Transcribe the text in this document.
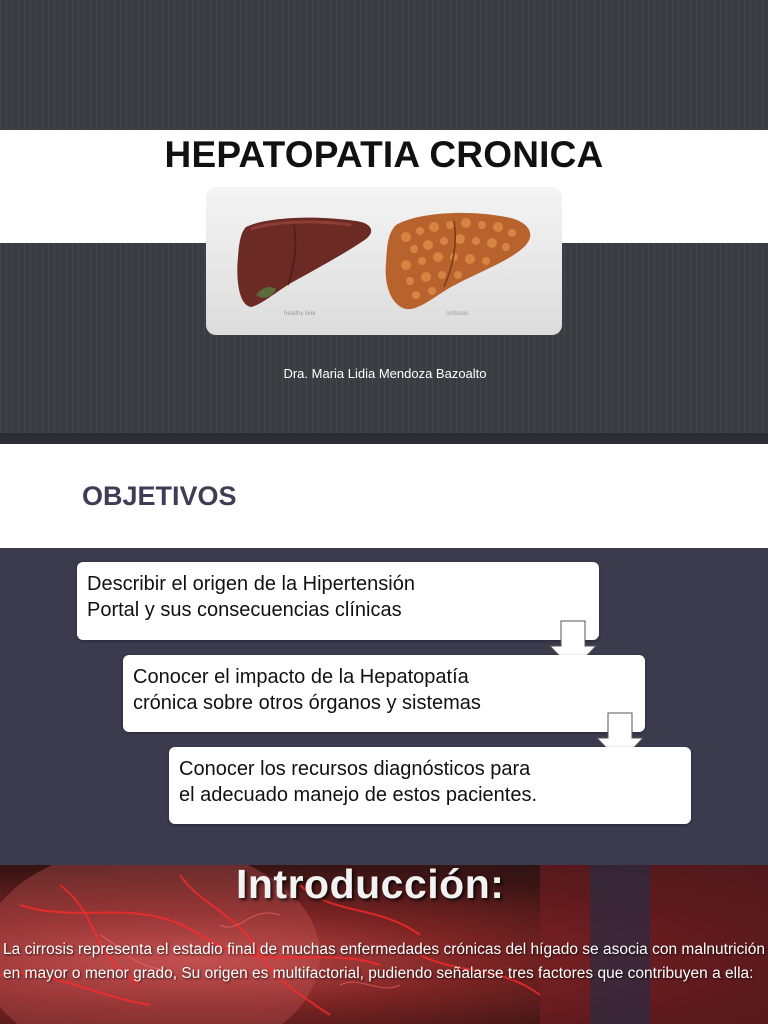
HEPATOPATIA CRONICA
healthy liver	cirrhosis
Dra. Maria Lidia Mendoza Bazoalto
OBJETIVOS
Describir el origen de la Hipertensión
Portal y sus consecuencias clínicas
Conocer el impacto de la Hepatopatía
crónica sobre otros órganos y sistemas
Conocer los recursos diagnósticos para
el adecuado manejo de estos pacientes.
Introducción:
La cirrosis representa el estadio final de muchas enfermedades crónicas del hígado se asocia con malnutrición en mayor o menor grado, Su origen es multifactorial, pudiendo señalarse tres factores que contribuyen a ella:
